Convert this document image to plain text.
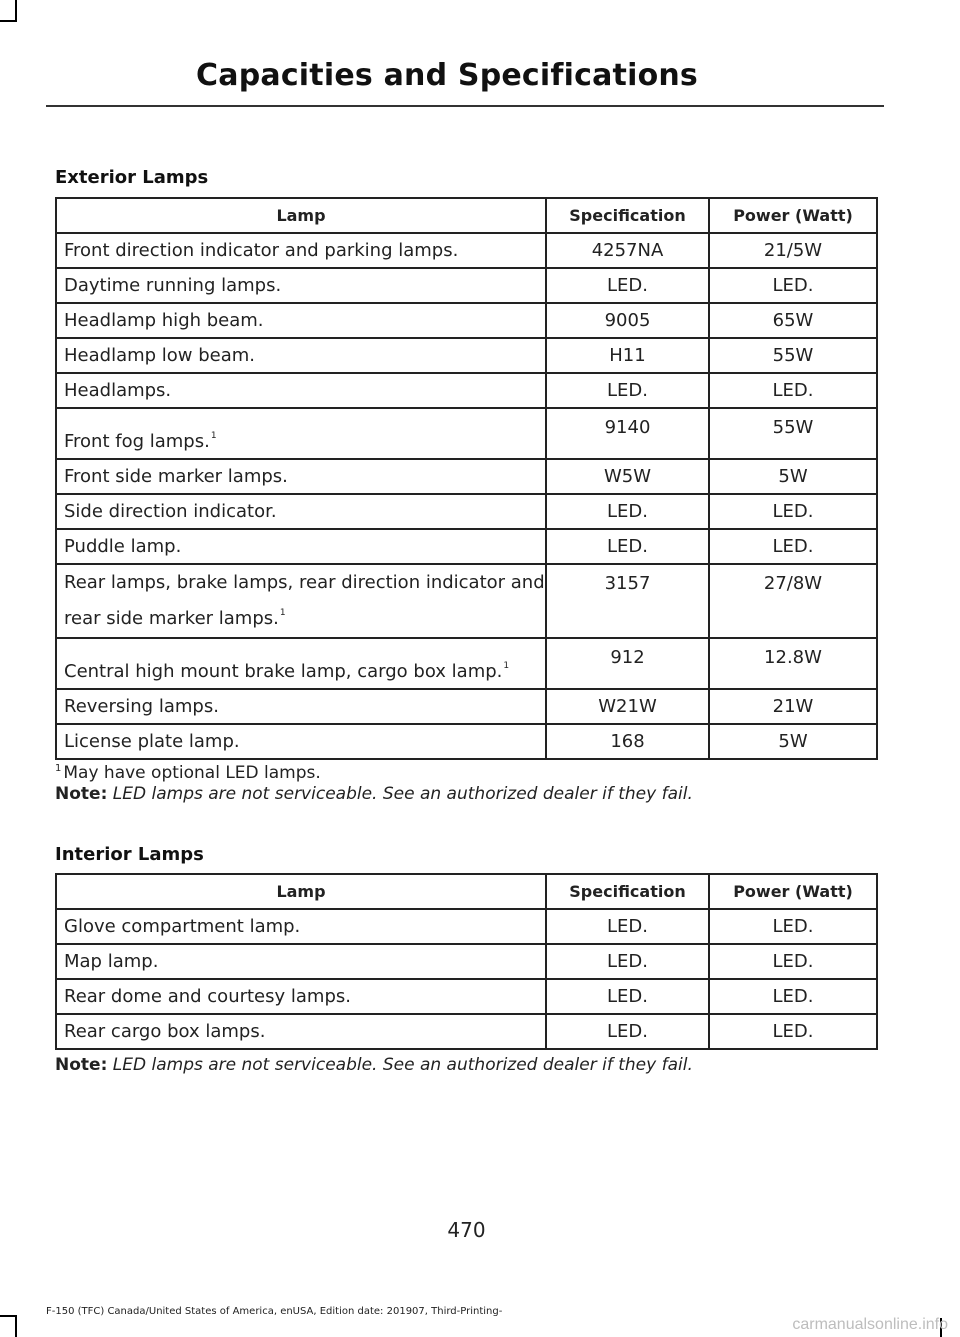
Capacities and Specifications
Exterior Lamps
Lamp	Specification	Power (Watt)
Front direction indicator and parking lamps.	4257NA	21/5W
Daytime running lamps.	LED.	LED.
Headlamp high beam.	9005	65W
Headlamp low beam.	H11	55W
Headlamps.	LED.	LED.
Front fog lamps.$^1$	9140	55W
Front side marker lamps.	W5W	5W
Side direction indicator.	LED.	LED.
Puddle lamp.	LED.	LED.
Rear lamps, brake lamps, rear direction indicator and rear side marker lamps.$^1$	3157	27/8W
Central high mount brake lamp, cargo box lamp.$^1$	912	12.8W
Reversing lamps.	W21W	21W
License plate lamp.	168	5W
$^1$ May have optional LED lamps.
Note: LED lamps are not serviceable. See an authorized dealer if they fail.
Interior Lamps
Lamp	Specification	Power (Watt)
Glove compartment lamp.	LED.	LED.
Map lamp.	LED.	LED.
Rear dome and courtesy lamps.	LED.	LED.
Rear cargo box lamps.	LED.	LED.
Note: LED lamps are not serviceable. See an authorized dealer if they fail.
470
F-150 (TFC) Canada/United States of America, enUSA, Edition date: 201907, Third-Printing-
carmanualsonline.info
